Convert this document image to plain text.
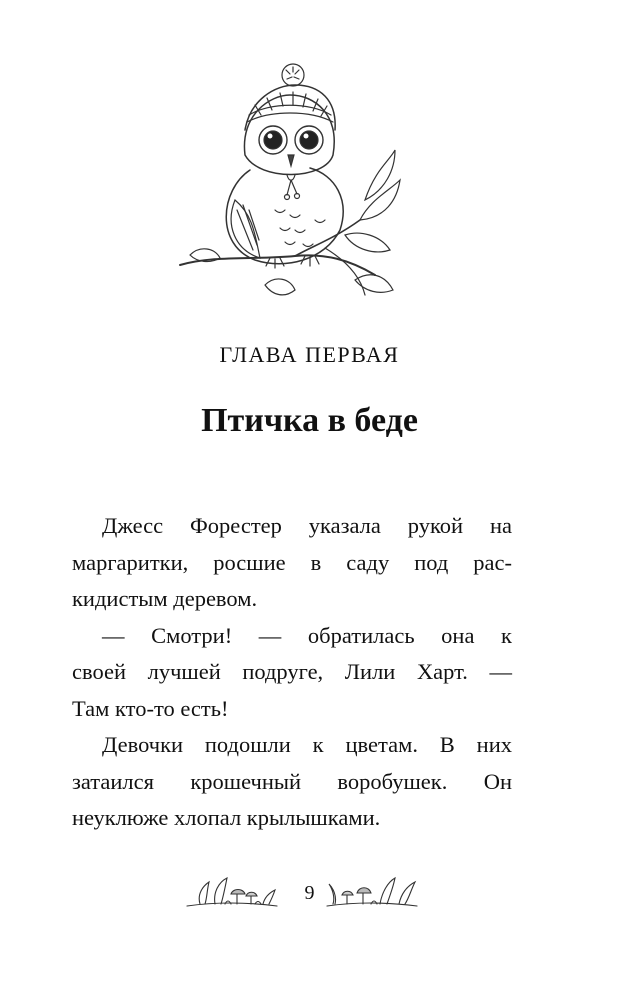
ГЛАВА ПЕРВАЯ
Птичка в беде
Джесс Форестер указала рукой на
маргаритки, росшие в саду под рас-
кидистым деревом.
— Смотри! — обратилась она к
своей лучшей подруге, Лили Харт. —
Там кто-то есть!
Девочки подошли к цветам. В них
затаился крошечный воробушек. Он
неуклюже хлопал крылышками.
9
